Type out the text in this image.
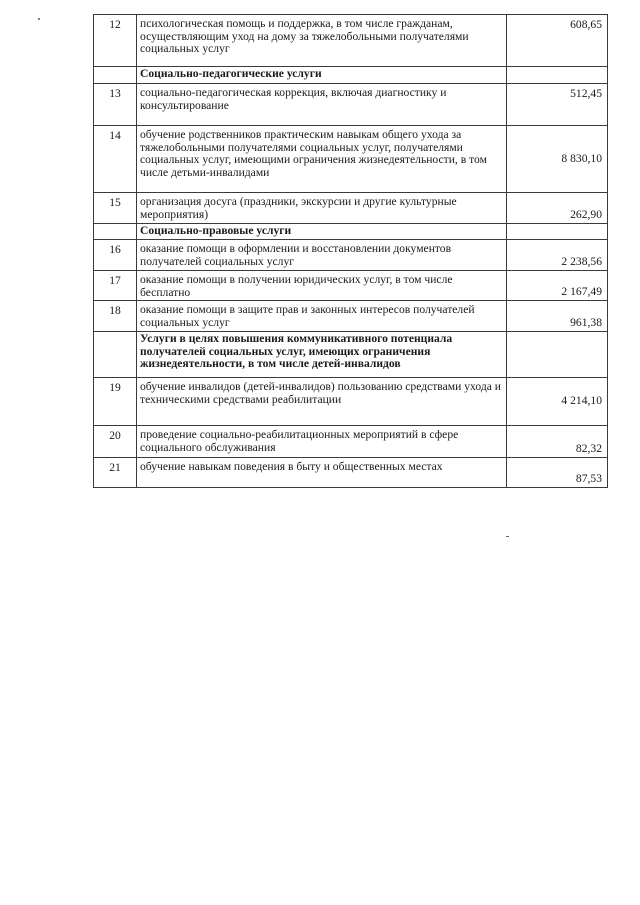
12	психологическая помощь и поддержка, в том числе гражданам, осуществляющим уход на дому за тяжелобольными получателями социальных услуг	608,65
	Социально-педагогические услуги	
13	социально-педагогическая коррекция, включая диагностику и консультирование	512,45
14	обучение родственников практическим навыкам общего ухода за тяжелобольными получателями социальных услуг, получателями социальных услуг, имеющими ограничения жизнедеятельности, в том числе детьми-инвалидами	8 830,10
15	организация досуга (праздники, экскурсии и другие культурные мероприятия)	262,90
	Социально-правовые услуги	
16	оказание помощи в оформлении и восстановлении документов получателей социальных услуг	2 238,56
17	оказание помощи в получении юридических услуг, в том числе бесплатно	2 167,49
18	оказание помощи в защите прав и законных интересов получателей социальных услуг	961,38
	Услуги в целях повышения коммуникативного потенциала получателей социальных услуг, имеющих ограничения жизнедеятельности, в том числе детей-инвалидов	
19	обучение инвалидов (детей-инвалидов) пользованию средствами ухода и техническими средствами реабилитации	4 214,10
20	проведение социально-реабилитационных мероприятий в сфере социального обслуживания	82,32
21	обучение навыкам поведения в быту и общественных местах	87,53
